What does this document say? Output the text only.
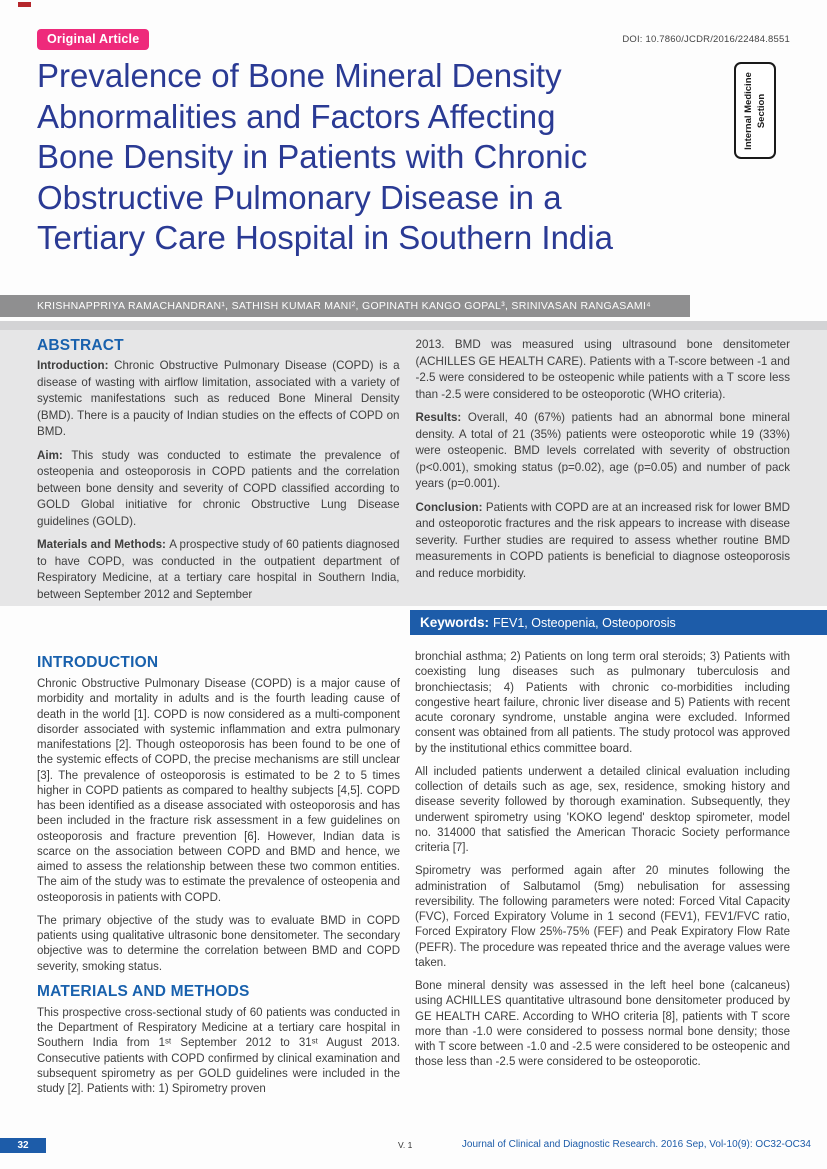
Original Article	DOI: 10.7860/JCDR/2016/22484.8551
Prevalence of Bone Mineral Density
Abnormalities and Factors Affecting
Bone Density in Patients with Chronic
Obstructive Pulmonary Disease in a
Tertiary Care Hospital in Southern India
Internal Medicine Section
KRISHNAPPRIYA RAMACHANDRAN¹, SATHISH KUMAR MANI², GOPINATH KANGO GOPAL³, SRINIVASAN RANGASAMI⁴
ABSTRACT

Introduction: Chronic Obstructive Pulmonary Disease (COPD) is a disease of wasting with airflow limitation, associated with a variety of systemic manifestations such as reduced Bone Mineral Density (BMD). There is a paucity of Indian studies on the effects of COPD on BMD.

Aim: This study was conducted to estimate the prevalence of osteopenia and osteoporosis in COPD patients and the correlation between bone density and severity of COPD classified according to GOLD Global initiative for chronic Obstructive Lung Disease guidelines (GOLD).

Materials and Methods: A prospective study of 60 patients diagnosed to have COPD, was conducted in the outpatient department of Respiratory Medicine, at a tertiary care hospital in Southern India, between September 2012 and September

2013. BMD was measured using ultrasound bone densitometer (ACHILLES GE HEALTH CARE). Patients with a T-score between -1 and -2.5 were considered to be osteopenic while patients with a T score less than -2.5 were considered to be osteoporotic (WHO criteria).

Results: Overall, 40 (67%) patients had an abnormal bone mineral density. A total of 21 (35%) patients were osteoporotic while 19 (33%) were osteopenic. BMD levels correlated with severity of obstruction (p<0.001), smoking status (p=0.02), age (p=0.05) and number of pack years (p=0.001).

Conclusion: Patients with COPD are at an increased risk for lower BMD and osteoporotic fractures and the risk appears to increase with disease severity. Further studies are required to assess whether routine BMD measurements in COPD patients is beneficial to diagnose osteoporosis and reduce morbidity.

Keywords: FEV1, Osteopenia, Osteoporosis
INTRODUCTION

Chronic Obstructive Pulmonary Disease (COPD) is a major cause of morbidity and mortality in adults and is the fourth leading cause of death in the world [1]. COPD is now considered as a multi-component disorder associated with systemic inflammation and extra pulmonary manifestations [2]. Though osteoporosis has been found to be one of the systemic effects of COPD, the precise mechanisms are still unclear [3]. The prevalence of osteoporosis is estimated to be 2 to 5 times higher in COPD patients as compared to healthy subjects [4,5]. COPD has been identified as a disease associated with osteoporosis and has been included in the fracture risk assessment in a few guidelines on osteoporosis and fracture prevention [6]. However, Indian data is scarce on the association between COPD and BMD and hence, we aimed to assess the relationship between these two common entities. The aim of the study was to estimate the prevalence of osteopenia and osteoporosis in patients with COPD.

The primary objective of the study was to evaluate BMD in COPD patients using qualitative ultrasonic bone densitometer. The secondary objective was to determine the correlation between BMD and COPD severity, smoking status.

MATERIALS AND METHODS

This prospective cross-sectional study of 60 patients was conducted in the Department of Respiratory Medicine at a tertiary care hospital in Southern India from 1ˢᵗ September 2012 to 31ˢᵗ August 2013. Consecutive patients with COPD confirmed by clinical examination and subsequent spirometry as per GOLD guidelines were included in the study [2]. Patients with: 1) Spirometry proven

bronchial asthma; 2) Patients on long term oral steroids; 3) Patients with coexisting lung diseases such as pulmonary tuberculosis and bronchiectasis; 4) Patients with chronic co-morbidities including congestive heart failure, chronic liver disease and 5) Patients with recent acute coronary syndrome, unstable angina were excluded. Informed consent was obtained from all patients. The study protocol was approved by the institutional ethics committee board.

All included patients underwent a detailed clinical evaluation including collection of details such as age, sex, residence, smoking history and disease severity followed by thorough examination. Subsequently, they underwent spirometry using 'KOKO legend' desktop spirometer, model no. 314000 that satisfied the American Thoracic Society performance criteria [7].

Spirometry was performed again after 20 minutes following the administration of Salbutamol (5mg) nebulisation for assessing reversibility. The following parameters were noted: Forced Vital Capacity (FVC), Forced Expiratory Volume in 1 second (FEV1), FEV1/FVC ratio, Forced Expiratory Flow 25%-75% (FEF) and Peak Expiratory Flow Rate (PEFR). The procedure was repeated thrice and the average values were taken.

Bone mineral density was assessed in the left heel bone (calcaneus) using ACHILLES quantitative ultrasound bone densitometer produced by GE HEALTH CARE. According to WHO criteria [8], patients with T score more than -1.0 were considered to possess normal bone density; those with T score between -1.0 and -2.5 were considered to be osteopenic and those less than -2.5 were considered to be osteoporotic.

32	V. 1	Journal of Clinical and Diagnostic Research. 2016 Sep, Vol-10(9): OC32-OC34
